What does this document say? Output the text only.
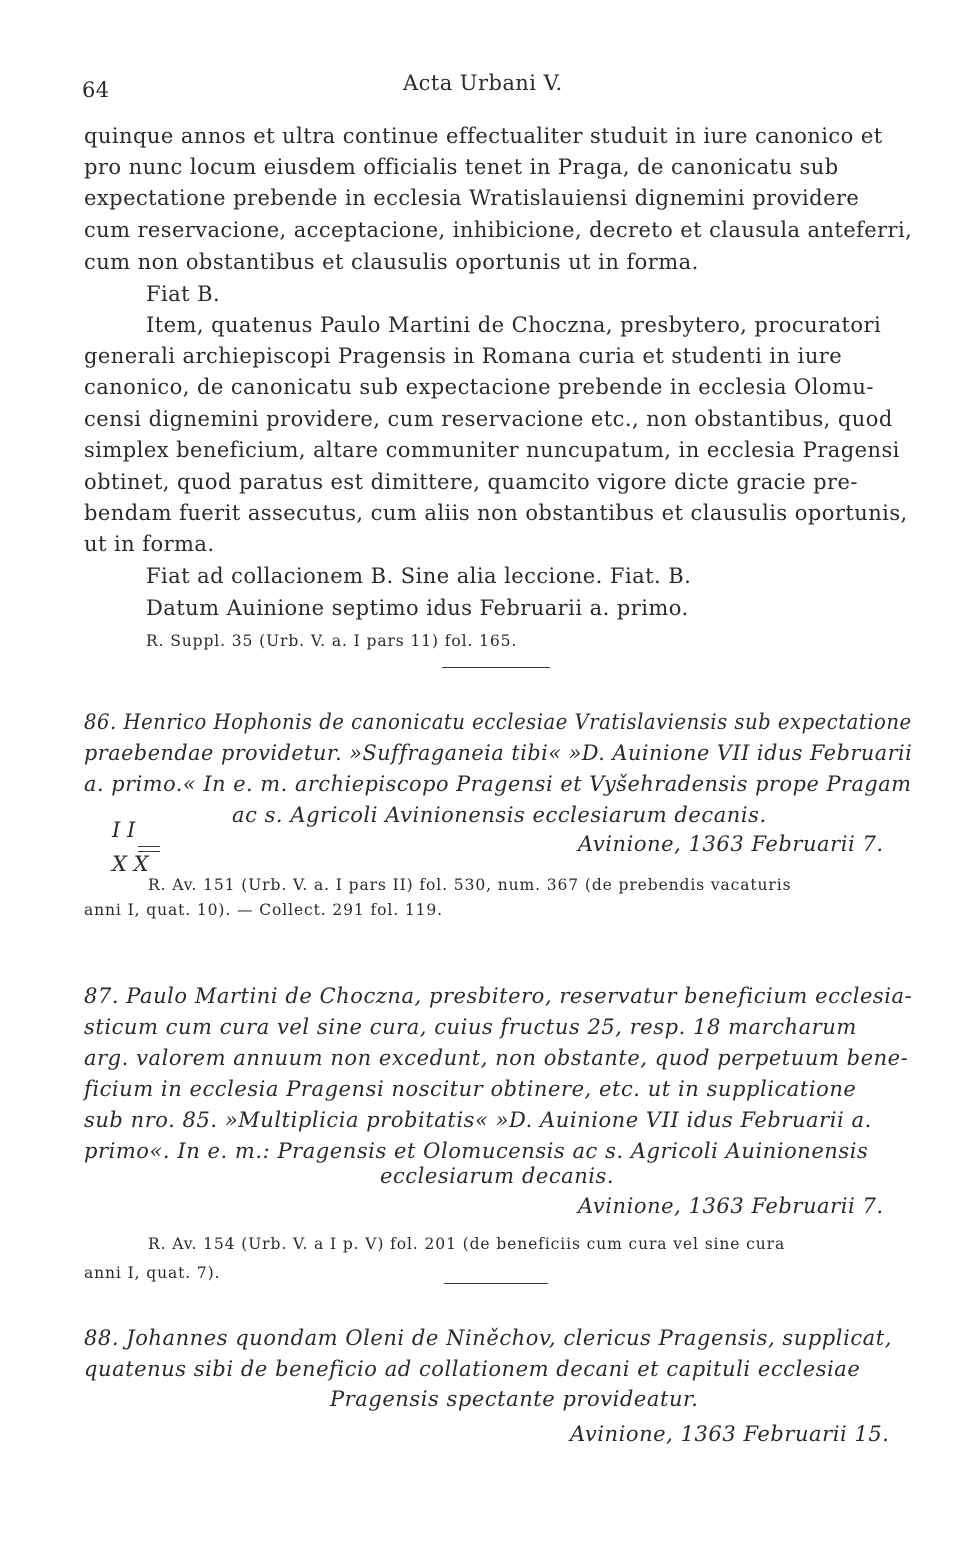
64	Acta Urbani V.
quinque annos et ultra continue effectualiter studuit in iure canonico et
pro nunc locum eiusdem officialis tenet in Praga, de canonicatu sub
expectatione prebende in ecclesia Wratislauiensi dignemini providere
cum reservacione, acceptacione, inhibicione, decreto et clausula anteferri,
cum non obstantibus et clausulis oportunis ut in forma.
Fiat B.
Item, quatenus Paulo Martini de Choczna, presbytero, procuratori
generali archiepiscopi Pragensis in Romana curia et studenti in iure
canonico, de canonicatu sub expectacione prebende in ecclesia Olomu-
censi dignemini providere, cum reservacione etc., non obstantibus, quod
simplex beneficium, altare communiter nuncupatum, in ecclesia Pragensi
obtinet, quod paratus est dimittere, quamcito vigore dicte gracie pre-
bendam fuerit assecutus, cum aliis non obstantibus et clausulis oportunis,
ut in forma.
Fiat ad collacionem B. Sine alia leccione. Fiat. B.
Datum Auinione septimo idus Februarii a. primo.
R. Suppl. 35 (Urb. V. a. I pars 11) fol. 165.
86. Henrico Hophonis de canonicatu ecclesiae Vratislaviensis sub expectatione
praebendae providetur. »Suffraganeia tibi« »D. Auinione VII idus Februarii
a. primo.« In e. m. archiepiscopo Pragensi et Vyšehradensis prope Pragam
ac s. Agricoli Avinionensis ecclesiarum decanis.
I I
X X
Avinione, 1363 Februarii 7.
R. Av. 151 (Urb. V. a. I pars II) fol. 530, num. 367 (de prebendis vacaturis
anni I, quat. 10). — Collect. 291 fol. 119.
87. Paulo Martini de Choczna, presbitero, reservatur beneficium ecclesia-
sticum cum cura vel sine cura, cuius fructus 25, resp. 18 marcharum
arg. valorem annuum non excedunt, non obstante, quod perpetuum bene-
ficium in ecclesia Pragensi noscitur obtinere, etc. ut in supplicatione
sub nro. 85. »Multiplicia probitatis« »D. Auinione VII idus Februarii a.
primo«. In e. m.: Pragensis et Olomucensis ac s. Agricoli Auinionensis
ecclesiarum decanis.
Avinione, 1363 Februarii 7.
R. Av. 154 (Urb. V. a I p. V) fol. 201 (de beneficiis cum cura vel sine cura
anni I, quat. 7).
88. Johannes quondam Oleni de Niněchov, clericus Pragensis, supplicat,
quatenus sibi de beneficio ad collationem decani et capituli ecclesiae
Pragensis spectante provideatur.
Avinione, 1363 Februarii 15.
